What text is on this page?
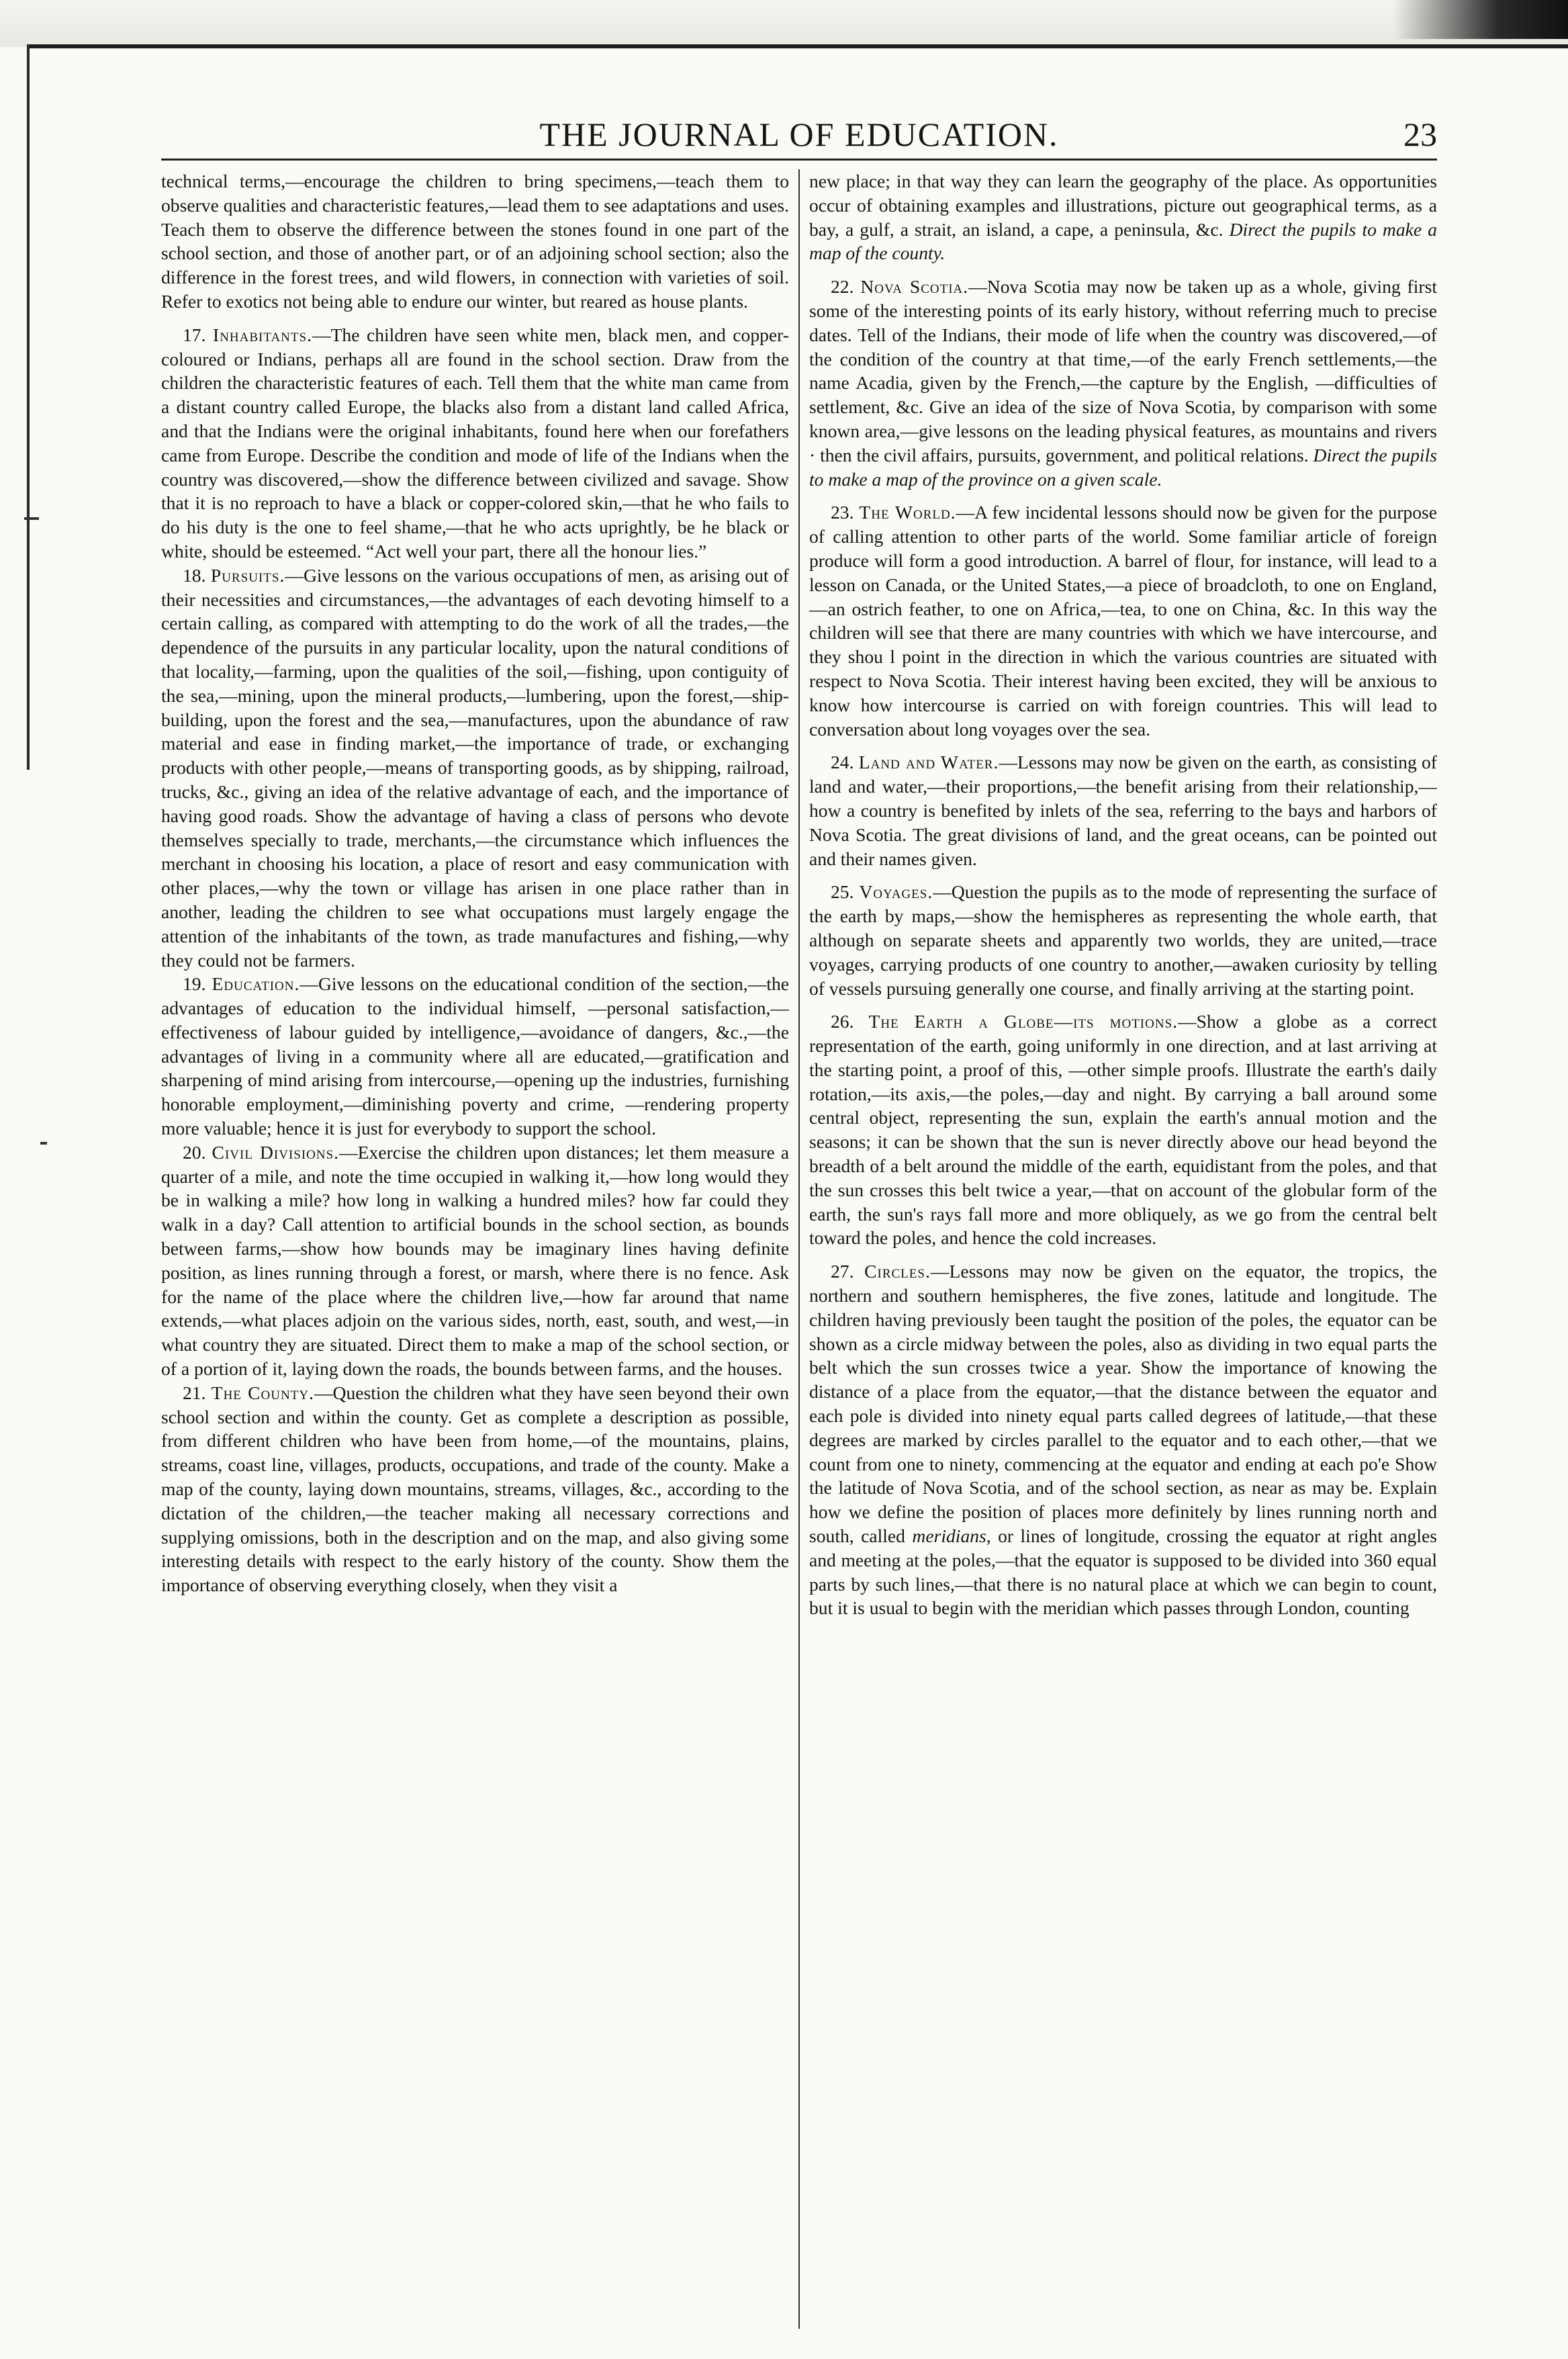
THE JOURNAL OF EDUCATION.	23

technical terms,—encourage the children to bring specimens,—teach them to observe qualities and characteristic features,—lead them to see adaptations and uses. Teach them to observe the difference between the stones found in one part of the school section, and those of another part, or of an adjoining school section; also the difference in the forest trees, and wild flowers, in connection with varieties of soil. Refer to exotics not being able to endure our winter, but reared as house plants.

17. Inhabitants.—The children have seen white men, black men, and copper-coloured or Indians, perhaps all are found in the school section. Draw from the children the characteristic features of each. Tell them that the white man came from a distant country called Europe, the blacks also from a distant land called Africa, and that the Indians were the original inhabitants, found here when our forefathers came from Europe. Describe the condition and mode of life of the Indians when the country was discovered,—show the difference between civilized and savage. Show that it is no reproach to have a black or copper-colored skin,—that he who fails to do his duty is the one to feel shame,—that he who acts uprightly, be he black or white, should be esteemed. “Act well your part, there all the honour lies.”

18. Pursuits.—Give lessons on the various occupations of men, as arising out of their necessities and circumstances,—the advantages of each devoting himself to a certain calling, as compared with attempting to do the work of all the trades,—the dependence of the pursuits in any particular locality, upon the natural conditions of that locality,—farming, upon the qualities of the soil,—fishing, upon contiguity of the sea,—mining, upon the mineral products,—lumbering, upon the forest,—ship-building, upon the forest and the sea,—manufactures, upon the abundance of raw material and ease in finding market,—the importance of trade, or exchanging products with other people,—means of transporting goods, as by shipping, railroad, trucks, &c., giving an idea of the relative advantage of each, and the importance of having good roads. Show the advantage of having a class of persons who devote themselves specially to trade, merchants,—the circumstance which influences the merchant in choosing his location, a place of resort and easy communication with other places,—why the town or village has arisen in one place rather than in another, leading the children to see what occupations must largely engage the attention of the inhabitants of the town, as trade manufactures and fishing,—why they could not be farmers.

19. Education.—Give lessons on the educational condition of the section,—the advantages of education to the individual himself, —personal satisfaction,—effectiveness of labour guided by intelligence,—avoidance of dangers, &c.,—the advantages of living in a community where all are educated,—gratification and sharpening of mind arising from intercourse,—opening up the industries, furnishing honorable employment,—diminishing poverty and crime, —rendering property more valuable; hence it is just for everybody to support the school.

20. Civil Divisions.—Exercise the children upon distances; let them measure a quarter of a mile, and note the time occupied in walking it,—how long would they be in walking a mile? how long in walking a hundred miles? how far could they walk in a day? Call attention to artificial bounds in the school section, as bounds between farms,—show how bounds may be imaginary lines having definite position, as lines running through a forest, or marsh, where there is no fence. Ask for the name of the place where the children live,—how far around that name extends,—what places adjoin on the various sides, north, east, south, and west,—in what country they are situated. Direct them to make a map of the school section, or of a portion of it, laying down the roads, the bounds between farms, and the houses.

21. The County.—Question the children what they have seen beyond their own school section and within the county. Get as complete a description as possible, from different children who have been from home,—of the mountains, plains, streams, coast line, villages, products, occupations, and trade of the county. Make a map of the county, laying down mountains, streams, villages, &c., according to the dictation of the children,—the teacher making all necessary corrections and supplying omissions, both in the description and on the map, and also giving some interesting details with respect to the early history of the county. Show them the importance of observing everything closely, when they visit a

new place; in that way they can learn the geography of the place. As opportunities occur of obtaining examples and illustrations, picture out geographical terms, as a bay, a gulf, a strait, an island, a cape, a peninsula, &c. Direct the pupils to make a map of the county.

22. Nova Scotia.—Nova Scotia may now be taken up as a whole, giving first some of the interesting points of its early history, without referring much to precise dates. Tell of the Indians, their mode of life when the country was discovered,—of the condition of the country at that time,—of the early French settlements,—the name Acadia, given by the French,—the capture by the English, —difficulties of settlement, &c. Give an idea of the size of Nova Scotia, by comparison with some known area,—give lessons on the leading physical features, as mountains and rivers · then the civil affairs, pursuits, government, and political relations. Direct the pupils to make a map of the province on a given scale.

23. The World.—A few incidental lessons should now be given for the purpose of calling attention to other parts of the world. Some familiar article of foreign produce will form a good introduction. A barrel of flour, for instance, will lead to a lesson on Canada, or the United States,—a piece of broadcloth, to one on England,—an ostrich feather, to one on Africa,—tea, to one on China, &c. In this way the children will see that there are many countries with which we have intercourse, and they shou l point in the direction in which the various countries are situated with respect to Nova Scotia. Their interest having been excited, they will be anxious to know how intercourse is carried on with foreign countries. This will lead to conversation about long voyages over the sea.

24. Land and Water.—Lessons may now be given on the earth, as consisting of land and water,—their proportions,—the benefit arising from their relationship,—how a country is benefited by inlets of the sea, referring to the bays and harbors of Nova Scotia. The great divisions of land, and the great oceans, can be pointed out and their names given.

25. Voyages.—Question the pupils as to the mode of representing the surface of the earth by maps,—show the hemispheres as representing the whole earth, that although on separate sheets and apparently two worlds, they are united,—trace voyages, carrying products of one country to another,—awaken curiosity by telling of vessels pursuing generally one course, and finally arriving at the starting point.

26. The Earth a Globe—its motions.—Show a globe as a correct representation of the earth, going uniformly in one direction, and at last arriving at the starting point, a proof of this, —other simple proofs. Illustrate the earth's daily rotation,—its axis,—the poles,—day and night. By carrying a ball around some central object, representing the sun, explain the earth's annual motion and the seasons; it can be shown that the sun is never directly above our head beyond the breadth of a belt around the middle of the earth, equidistant from the poles, and that the sun crosses this belt twice a year,—that on account of the globular form of the earth, the sun's rays fall more and more obliquely, as we go from the central belt toward the poles, and hence the cold increases.

27. Circles.—Lessons may now be given on the equator, the tropics, the northern and southern hemispheres, the five zones, latitude and longitude. The children having previously been taught the position of the poles, the equator can be shown as a circle midway between the poles, also as dividing in two equal parts the belt which the sun crosses twice a year. Show the importance of knowing the distance of a place from the equator,—that the distance between the equator and each pole is divided into ninety equal parts called degrees of latitude,—that these degrees are marked by circles parallel to the equator and to each other,—that we count from one to ninety, commencing at the equator and ending at each po'e Show the latitude of Nova Scotia, and of the school section, as near as may be. Explain how we define the position of places more definitely by lines running north and south, called meridians, or lines of longitude, crossing the equator at right angles and meeting at the poles,—that the equator is supposed to be divided into 360 equal parts by such lines,—that there is no natural place at which we can begin to count, but it is usual to begin with the meridian which passes through London, counting
